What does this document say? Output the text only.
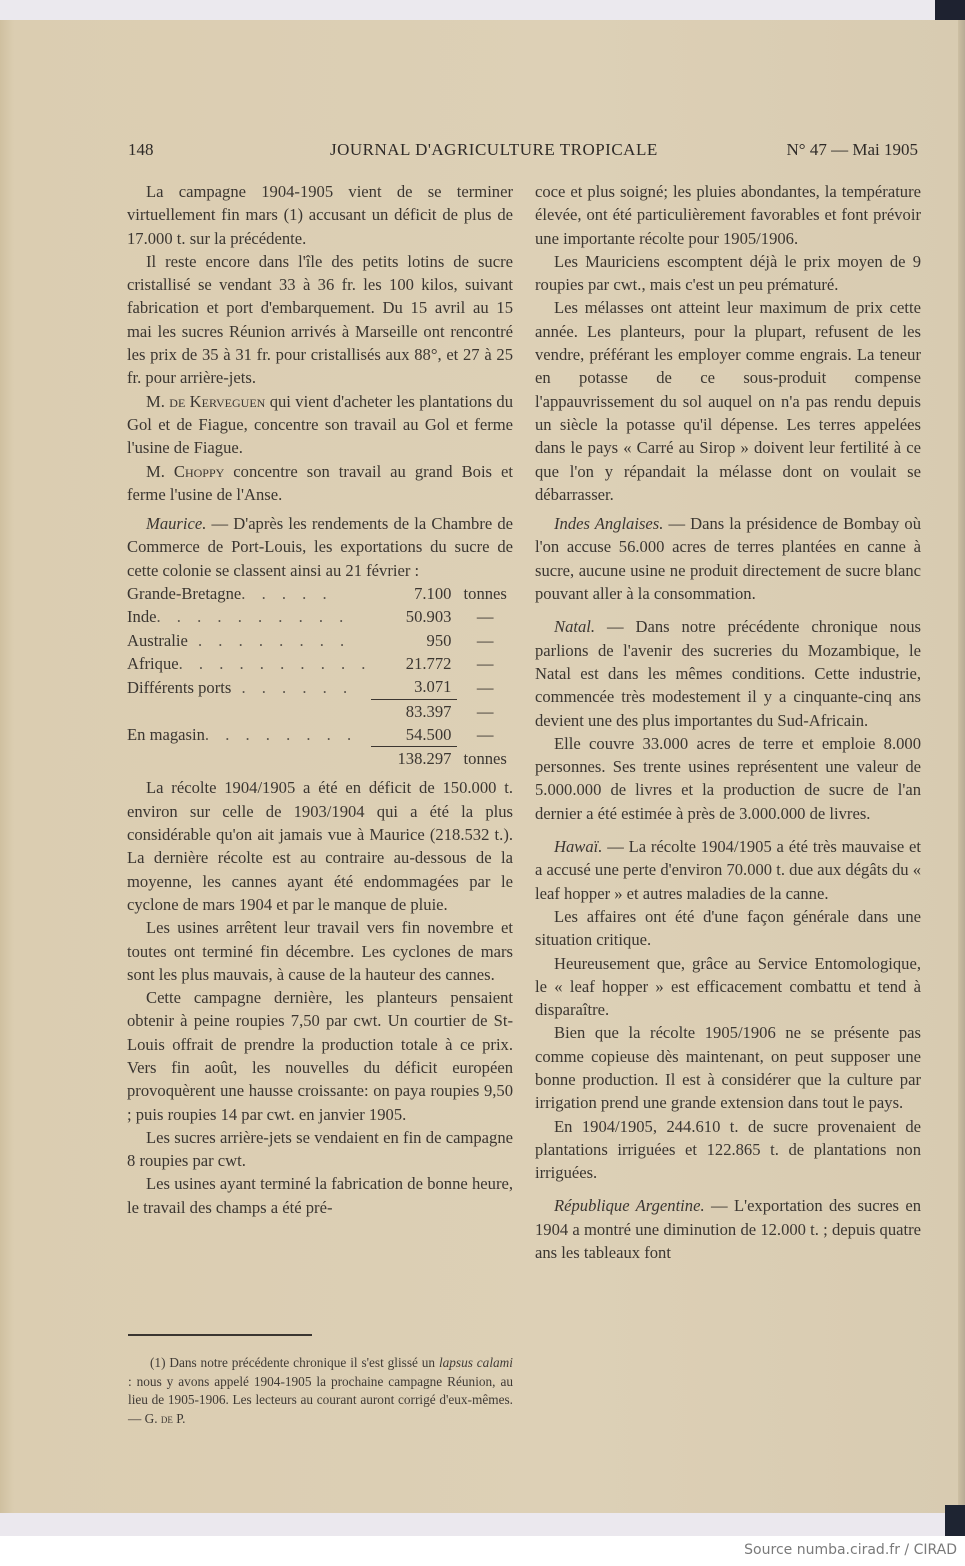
148	JOURNAL D'AGRICULTURE TROPICALE	N° 47 — Mai 1905

La campagne 1904-1905 vient de se terminer virtuellement fin mars (1) accusant un déficit de plus de 17.000 t. sur la précédente.

Il reste encore dans l'île des petits lotins de sucre cristallisé se vendant 33 à 36 fr. les 100 kilos, suivant fabrication et port d'embarquement. Du 15 avril au 15 mai les sucres Réunion arrivés à Marseille ont rencontré les prix de 35 à 31 fr. pour cristallisés aux 88°, et 27 à 25 fr. pour arrière-jets.

M. de Kerveguen qui vient d'acheter les plantations du Gol et de Fiague, concentre son travail au Gol et ferme l'usine de Fiague.

M. Choppy concentre son travail au grand Bois et ferme l'usine de l'Anse.

Maurice. — D'après les rendements de la Chambre de Commerce de Port-Louis, les exportations du sucre de cette colonie se classent ainsi au 21 février :

Grande-Bretagne. . . . .	7.100	tonnes
Inde. . . . . . . . . .	50.903	—
Australie . . . . . . . .	950	—
Afrique. . . . . . . . . .	21.772	—
Différents ports . . . . . .	3.071	—
	83.397	—
En magasin. . . . . . . .	54.500	—
	138.297	tonnes

La récolte 1904/1905 a été en déficit de 150.000 t. environ sur celle de 1903/1904 qui a été la plus considérable qu'on ait jamais vue à Maurice (218.532 t.). La dernière récolte est au contraire au-dessous de la moyenne, les cannes ayant été endommagées par le cyclone de mars 1904 et par le manque de pluie.

Les usines arrêtent leur travail vers fin novembre et toutes ont terminé fin décembre. Les cyclones de mars sont les plus mauvais, à cause de la hauteur des cannes.

Cette campagne dernière, les planteurs pensaient obtenir à peine roupies 7,50 par cwt. Un courtier de St-Louis offrait de prendre la production totale à ce prix. Vers fin août, les nouvelles du déficit européen provoquèrent une hausse croissante: on paya roupies 9,50 ; puis roupies 14 par cwt. en janvier 1905.

Les sucres arrière-jets se vendaient en fin de campagne 8 roupies par cwt.

Les usines ayant terminé la fabrication de bonne heure, le travail des champs a été pré-

coce et plus soigné; les pluies abondantes, la température élevée, ont été particulièrement favorables et font prévoir une importante récolte pour 1905/1906.

Les Mauriciens escomptent déjà le prix moyen de 9 roupies par cwt., mais c'est un peu prématuré.

Les mélasses ont atteint leur maximum de prix cette année. Les planteurs, pour la plupart, refusent de les vendre, préférant les employer comme engrais. La teneur en potasse de ce sous-produit compense l'appauvrissement du sol auquel on n'a pas rendu depuis un siècle la potasse qu'il dépense. Les terres appelées dans le pays « Carré au Sirop » doivent leur fertilité à ce que l'on y répandait la mélasse dont on voulait se débarrasser.

Indes Anglaises. — Dans la présidence de Bombay où l'on accuse 56.000 acres de terres plantées en canne à sucre, aucune usine ne produit directement de sucre blanc pouvant aller à la consommation.

Natal. — Dans notre précédente chronique nous parlions de l'avenir des sucreries du Mozambique, le Natal est dans les mêmes conditions. Cette industrie, commencée très modestement il y a cinquante-cinq ans devient une des plus importantes du Sud-Africain.

Elle couvre 33.000 acres de terre et emploie 8.000 personnes. Ses trente usines représentent une valeur de 5.000.000 de livres et la production de sucre de l'an dernier a été estimée à près de 3.000.000 de livres.

Hawaï. — La récolte 1904/1905 a été très mauvaise et a accusé une perte d'environ 70.000 t. due aux dégâts du « leaf hopper » et autres maladies de la canne.

Les affaires ont été d'une façon générale dans une situation critique.

Heureusement que, grâce au Service Entomologique, le « leaf hopper » est efficacement combattu et tend à disparaître.

Bien que la récolte 1905/1906 ne se présente pas comme copieuse dès maintenant, on peut supposer une bonne production. Il est à considérer que la culture par irrigation prend une grande extension dans tout le pays.

En 1904/1905, 244.610 t. de sucre provenaient de plantations irriguées et 122.865 t. de plantations non irriguées.

République Argentine. — L'exportation des sucres en 1904 a montré une diminution de 12.000 t. ; depuis quatre ans les tableaux font

(1) Dans notre précédente chronique il s'est glissé un lapsus calami : nous y avons appelé 1904-1905 la prochaine campagne Réunion, au lieu de 1905-1906. Les lecteurs au courant auront corrigé d'eux-mêmes. — G. de P.

Source numba.cirad.fr / CIRAD
